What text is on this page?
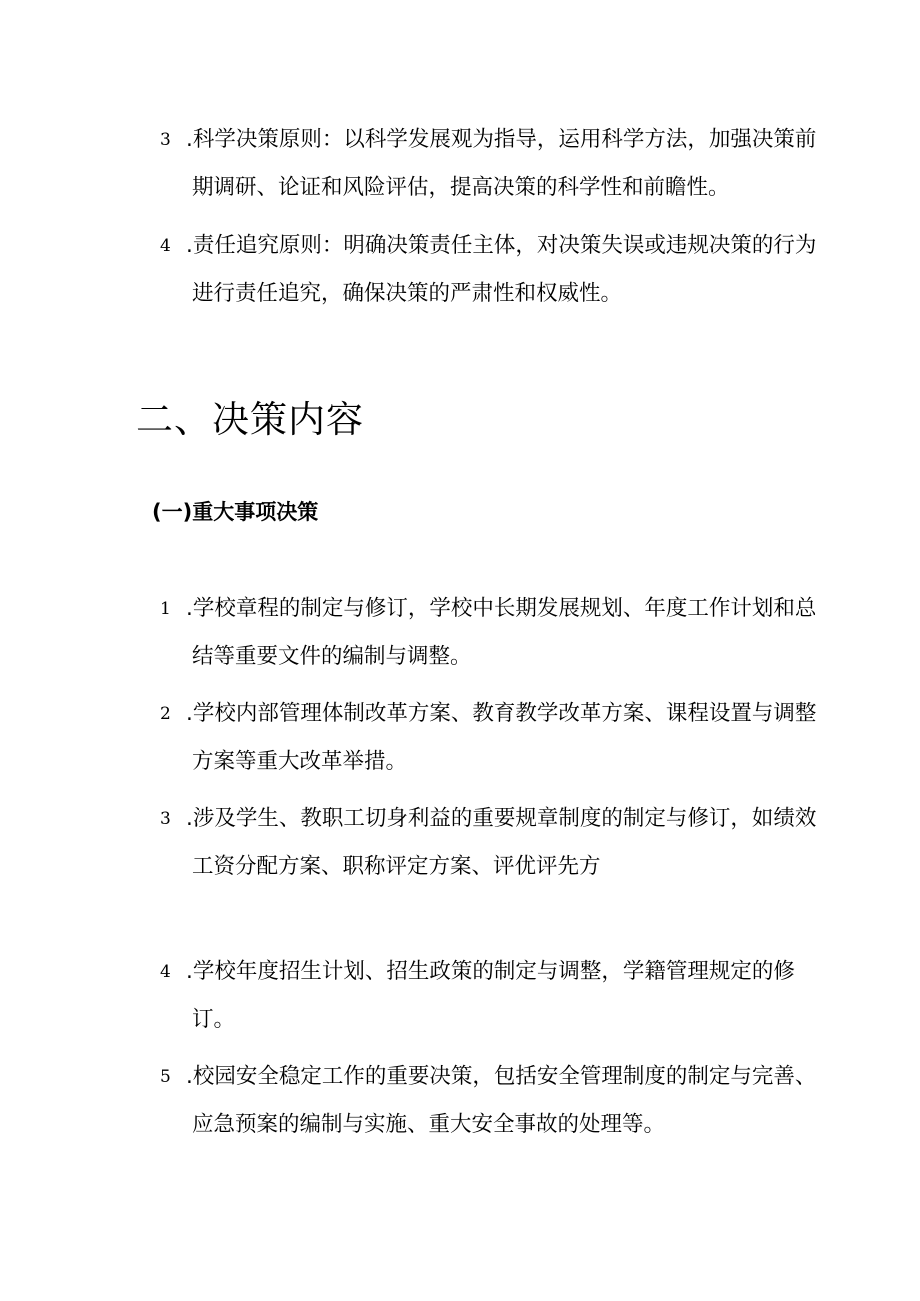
3 .科学决策原则：以科学发展观为指导，运用科学方法，加强决策前期调研、论证和风险评估，提高决策的科学性和前瞻性。
4 .责任追究原则：明确决策责任主体，对决策失误或违规决策的行为进行责任追究，确保决策的严肃性和权威性。
二、决策内容
(一)重大事项决策
1 .学校章程的制定与修订，学校中长期发展规划、年度工作计划和总结等重要文件的编制与调整。
2 .学校内部管理体制改革方案、教育教学改革方案、课程设置与调整方案等重大改革举措。
3 .涉及学生、教职工切身利益的重要规章制度的制定与修订，如绩效工资分配方案、职称评定方案、评优评先方
4 .学校年度招生计划、招生政策的制定与调整，学籍管理规定的修订。
5 .校园安全稳定工作的重要决策，包括安全管理制度的制定与完善、应急预案的编制与实施、重大安全事故的处理等。
